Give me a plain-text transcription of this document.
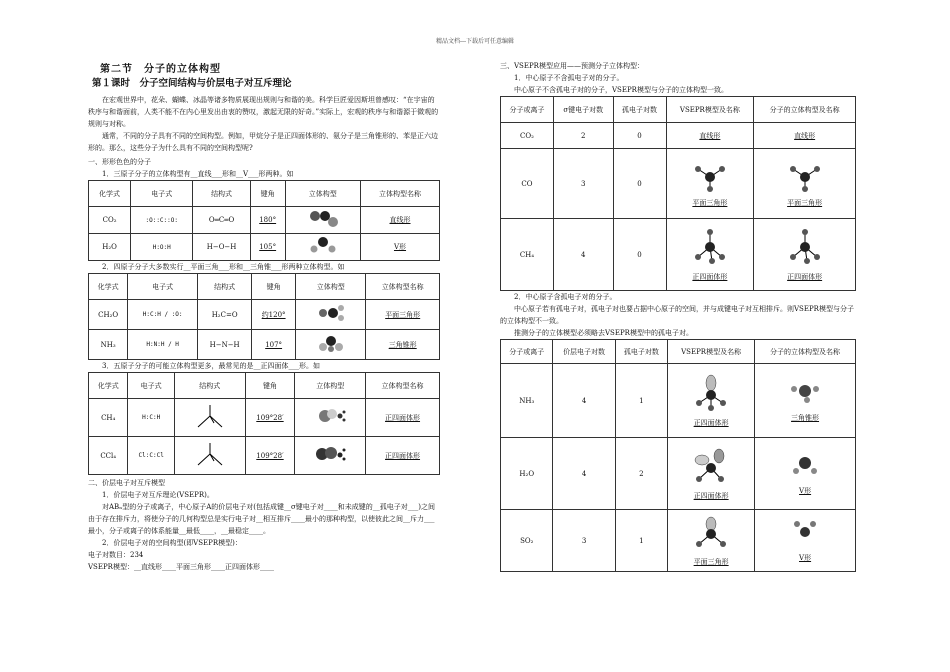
精品文档---下载后可任意编辑
第二节　分子的立体构型
第１课时　分子空间结构与价层电子对互斥理论

在宏观世界中，花朵、蝴蝶、冰晶等诸多物质展现出规则与和谐的美。科学巨匠爱因斯坦曾感叹：“在宇宙的秩序与和谐面前，人类不能不在内心里发出由衷的赞叹，激起无限的好奇。”实际上，宏观的秩序与和谐源于微观的规则与对称。

通常，不同的分子具有不同的空间构型。例如，甲烷分子是正四面体形的、氨分子是三角锥形的、苯是正六边形的。那么，这些分子为什么具有不同的空间构型呢?

一、形形色色的分子

1．三原子分子的立体构型有__直线___形和__V___形两种。如

化学式	电子式	结构式	键角	立体构型	立体构型名称
CO₂	:O::C::O:	O═C═O	180°		直线形
H₂O	H:O:H	H−O−H	105°		V形

2．四原子分子大多数实行__平面三角___形和__三角锥___形两种立体构型。如

化学式	电子式	结构式	键角	立体构型	立体构型名称
CH₂O	H:C:H / :O:	H₂C=O	约120°		平面三角形
NH₃	H:N:H / H	H−N−H	107°		三角锥形

3．五原子分子的可能立体构型更多，最常见的是__正四面体___形。如

化学式	电子式	结构式	键角	立体构型	立体构型名称
CH₄	H:C:H		109°28′		正四面体形
CCl₄	Cl:C:Cl		109°28′		正四面体形

二、价层电子对互斥模型

1．价层电子对互斥理论(VSEPR)。

对ABₙ型的分子或离子，中心原子A的价层电子对(包括成键__σ键电子对____和未成键的__孤电子对___)之间由于存在排斥力，将使分子的几何构型总是实行电子对__相互排斥____最小的那种构型，以使彼此之间__斥力___最小，分子或离子的体系能量__最低____，__最稳定____。

2．价层电子对的空间构型(即VSEPR模型)：

电子对数目：234

VSEPR模型：__直线形____平面三角形____正四面体形____

三、VSEPR模型应用——预测分子立体构型：

1．中心原子不含孤电子对的分子。

中心原子不含孤电子对的分子，VSEPR模型与分子的立体构型一致。

分子或离子	σ键电子对数	孤电子对数	VSEPR模型及名称	分子的立体构型及名称
CO₂	2	0	直线形	直线形
CO	3	0	平面三角形	平面三角形
CH₄	4	0	正四面体形	正四面体形

2．中心原子含孤电子对的分子。

中心原子若有孤电子对，孤电子对也要占据中心原子的空间，并与成键电子对互相排斥。则VSEPR模型与分子的立体构型不一致。

推测分子的立体模型必须略去VSEPR模型中的孤电子对。

分子或离子	价层电子对数	孤电子对数	VSEPR模型及名称	分子的立体构型及名称
NH₃	4	1	正四面体形	三角锥形
H₂O	4	2	正四面体形	V形
SO₂	3	1	平面三角形	V形
